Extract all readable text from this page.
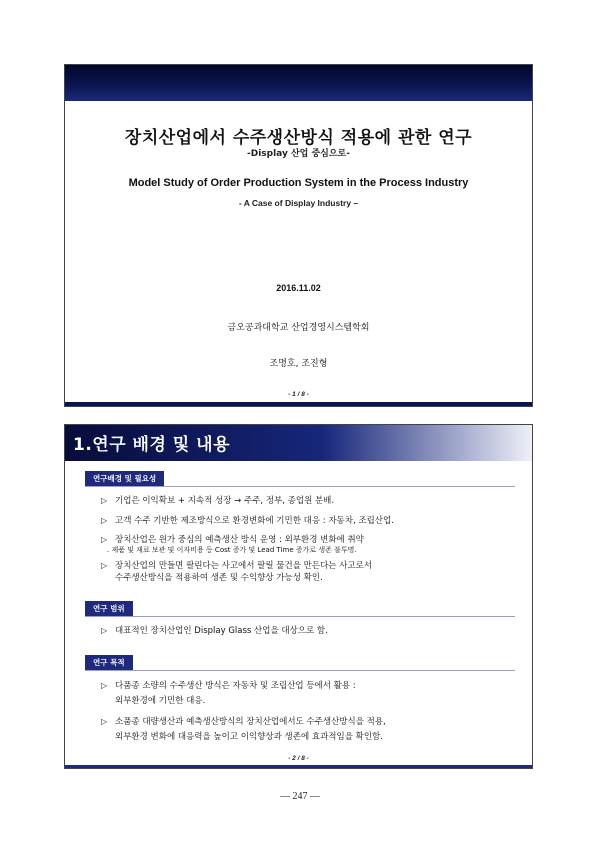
장치산업에서 수주생산방식 적용에 관한 연구
-Display 산업 중심으로-
Model Study of Order Production System in the Process Industry
- A Case of Display Industry –
2016.11.02
금오공과대학교 산업경영시스템학회
조명호, 조진형
- 1 / 8 -
1.연구 배경 및 내용
연구배경 및 필요성
▷ 기업은 이익확보 + 지속적 성장 → 주주, 정부, 종업원 분배.
▷ 고객 수주 기반한 제조방식으로 환경변화에 기민한 대응 : 자동차, 조립산업.
▷ 장치산업은 원가 중심의 예측생산 방식 운영 : 외부환경 변화에 취약
. 제품 및 재료 보관 및 이자비용 등 Cost 증가 및 Lead Time 증가로 생존 불투명.
▷ 장치산업의 만들면 팔린다는 사고에서 팔릴 물건을 만든다는 사고로서
수주생산방식을 적용하여 생존 및 수익향상 가능성 확인.
연구 범위
▷ 대표적인 장치산업인 Display Glass 산업을 대상으로 함.
연구 목적
▷ 다품종 소량의 수주생산 방식은 자동차 및 조립산업 등에서 활용 :
외부환경에 기민한 대응.
▷ 소품종 대량생산과 예측생산방식의 장치산업에서도 수주생산방식을 적용,
외부환경 변화에 대응력을 높이고 이익향상과 생존에 효과적임을 확인함.
- 2 / 8 -
— 247 —
